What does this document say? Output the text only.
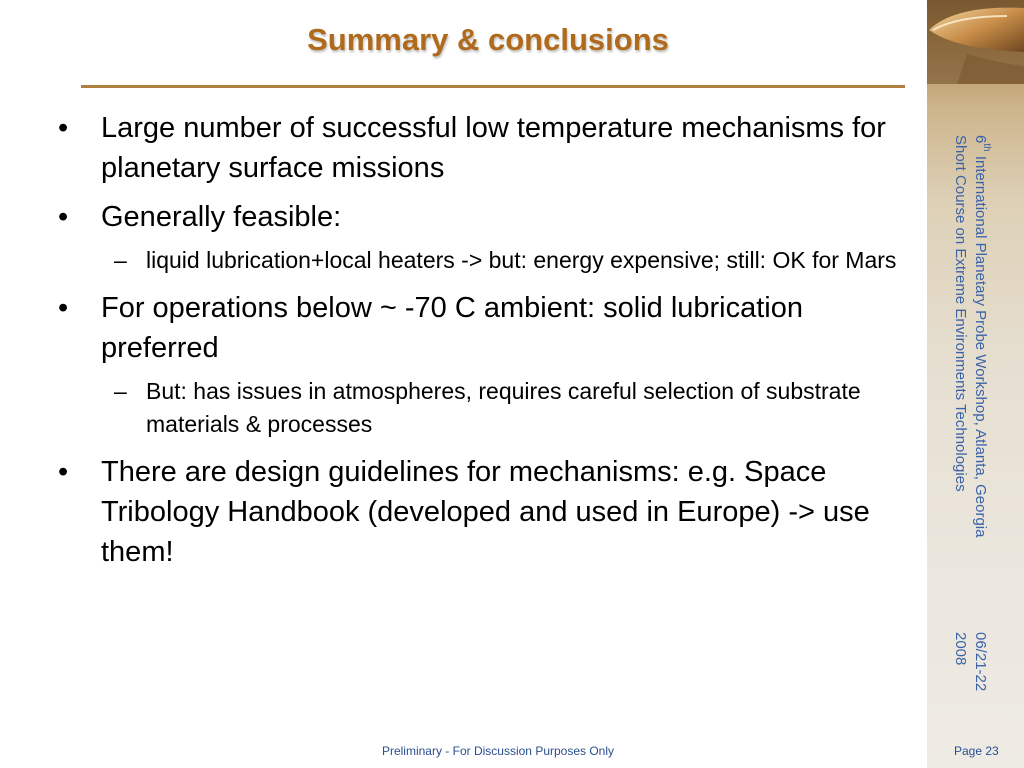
Summary & conclusions
•	Large number of successful low temperature mechanisms for planetary surface missions
•	Generally feasible:
– liquid lubrication+local heaters -> but: energy expensive; still: OK for Mars
•	For operations below ~ -70 C ambient: solid lubrication preferred
– But: has issues in atmospheres, requires careful selection of substrate materials & processes
•	There are design guidelines for mechanisms: e.g. Space Tribology Handbook (developed and used in Europe) -> use them!
6th International Planetary Probe Workshop, Atlanta, Georgia
Short Course on Extreme Environments Technologies
06/21-22
2008
Preliminary - For Discussion Purposes Only	Page 23
